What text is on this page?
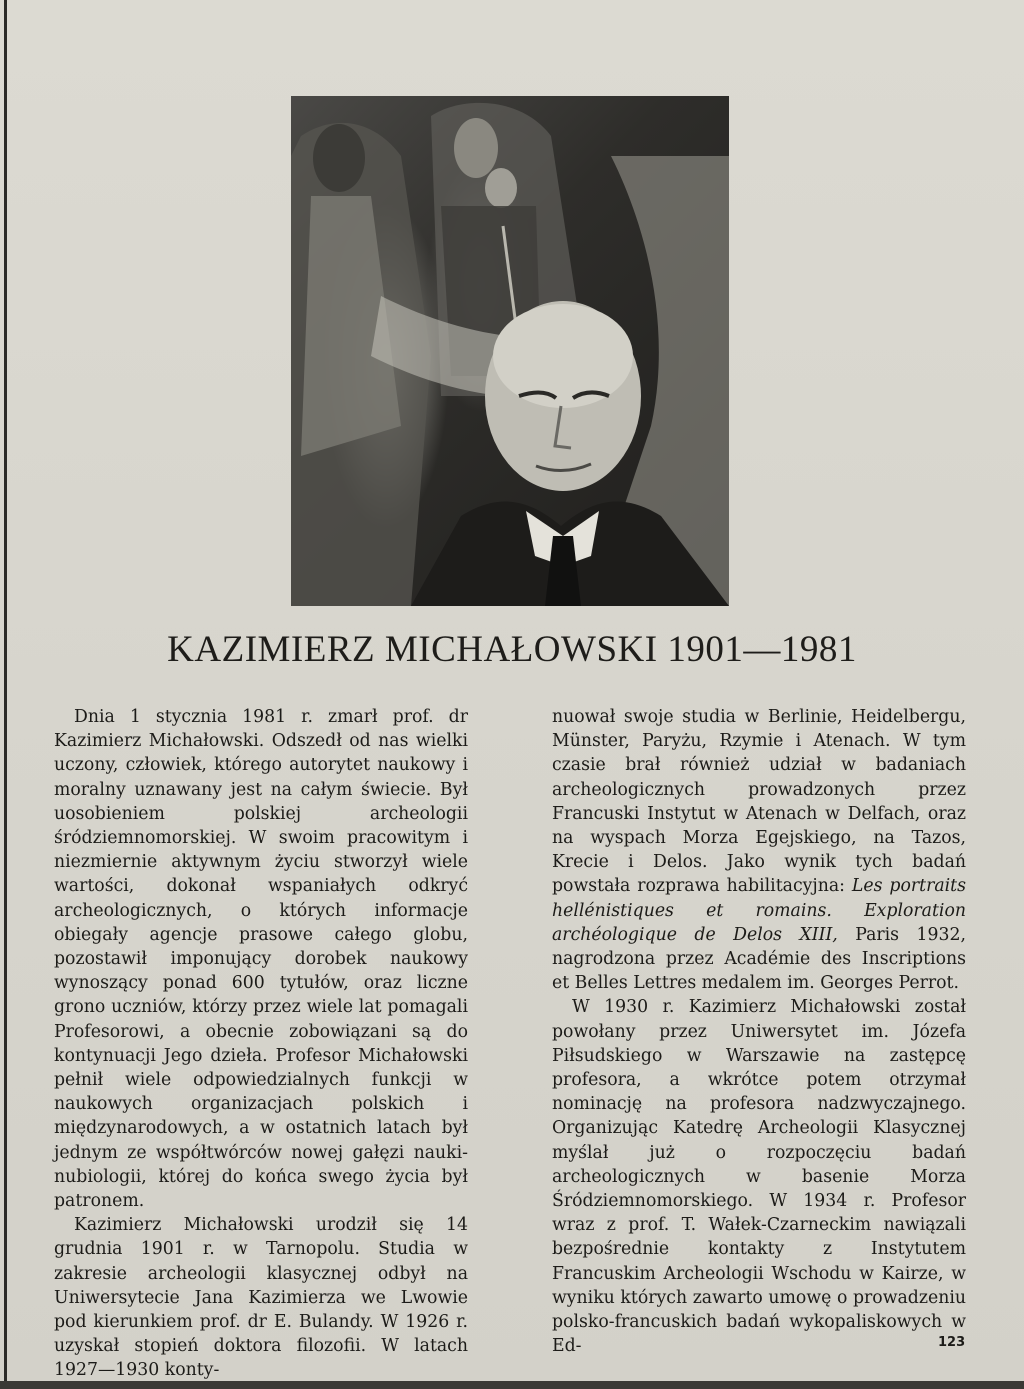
KAZIMIERZ MICHAŁOWSKI 1901—1981

Dnia 1 stycznia 1981 r. zmarł prof. dr Kazimierz Michałowski. Odszedł od nas wielki uczony, człowiek, którego autorytet naukowy i moralny uznawany jest na całym świecie. Był uosobieniem polskiej archeologii śródziemnomorskiej. W swoim pracowitym i niezmiernie aktywnym życiu stworzył wiele wartości, dokonał wspaniałych odkryć archeologicznych, o których informacje obiegały agencje prasowe całego globu, pozostawił imponujący dorobek naukowy wynoszący ponad 600 tytułów, oraz liczne grono uczniów, którzy przez wiele lat pomagali Profesorowi, a obecnie zobowiązani są do kontynuacji Jego dzieła. Profesor Michałowski pełnił wiele odpowiedzialnych funkcji w naukowych organizacjach polskich i międzynarodowych, a w ostatnich latach był jednym ze współtwórców nowej gałęzi nauki-nubiologii, której do końca swego życia był patronem.

Kazimierz Michałowski urodził się 14 grudnia 1901 r. w Tarnopolu. Studia w zakresie archeologii klasycznej odbył na Uniwersytecie Jana Kazimierza we Lwowie pod kierunkiem prof. dr E. Bulandy. W 1926 r. uzyskał stopień doktora filozofii. W latach 1927—1930 konty-

nuował swoje studia w Berlinie, Heidelbergu, Münster, Paryżu, Rzymie i Atenach. W tym czasie brał również udział w badaniach archeologicznych prowadzonych przez Francuski Instytut w Atenach w Delfach, oraz na wyspach Morza Egejskiego, na Tazos, Krecie i Delos. Jako wynik tych badań powstała rozprawa habilitacyjna: Les portraits hellénistiques et romains. Exploration archéologique de Delos XIII, Paris 1932, nagrodzona przez Académie des Inscriptions et Belles Lettres medalem im. Georges Perrot.

W 1930 r. Kazimierz Michałowski został powołany przez Uniwersytet im. Józefa Piłsudskiego w Warszawie na zastępcę profesora, a wkrótce potem otrzymał nominację na profesora nadzwyczajnego. Organizując Katedrę Archeologii Klasycznej myślał już o rozpoczęciu badań archeologicznych w basenie Morza Śródziemnomorskiego. W 1934 r. Profesor wraz z prof. T. Wałek-Czarneckim nawiązali bezpośrednie kontakty z Instytutem Francuskim Archeologii Wschodu w Kairze, w wyniku których zawarto umowę o prowadzeniu polsko-francuskich badań wykopaliskowych w Ed-	123
